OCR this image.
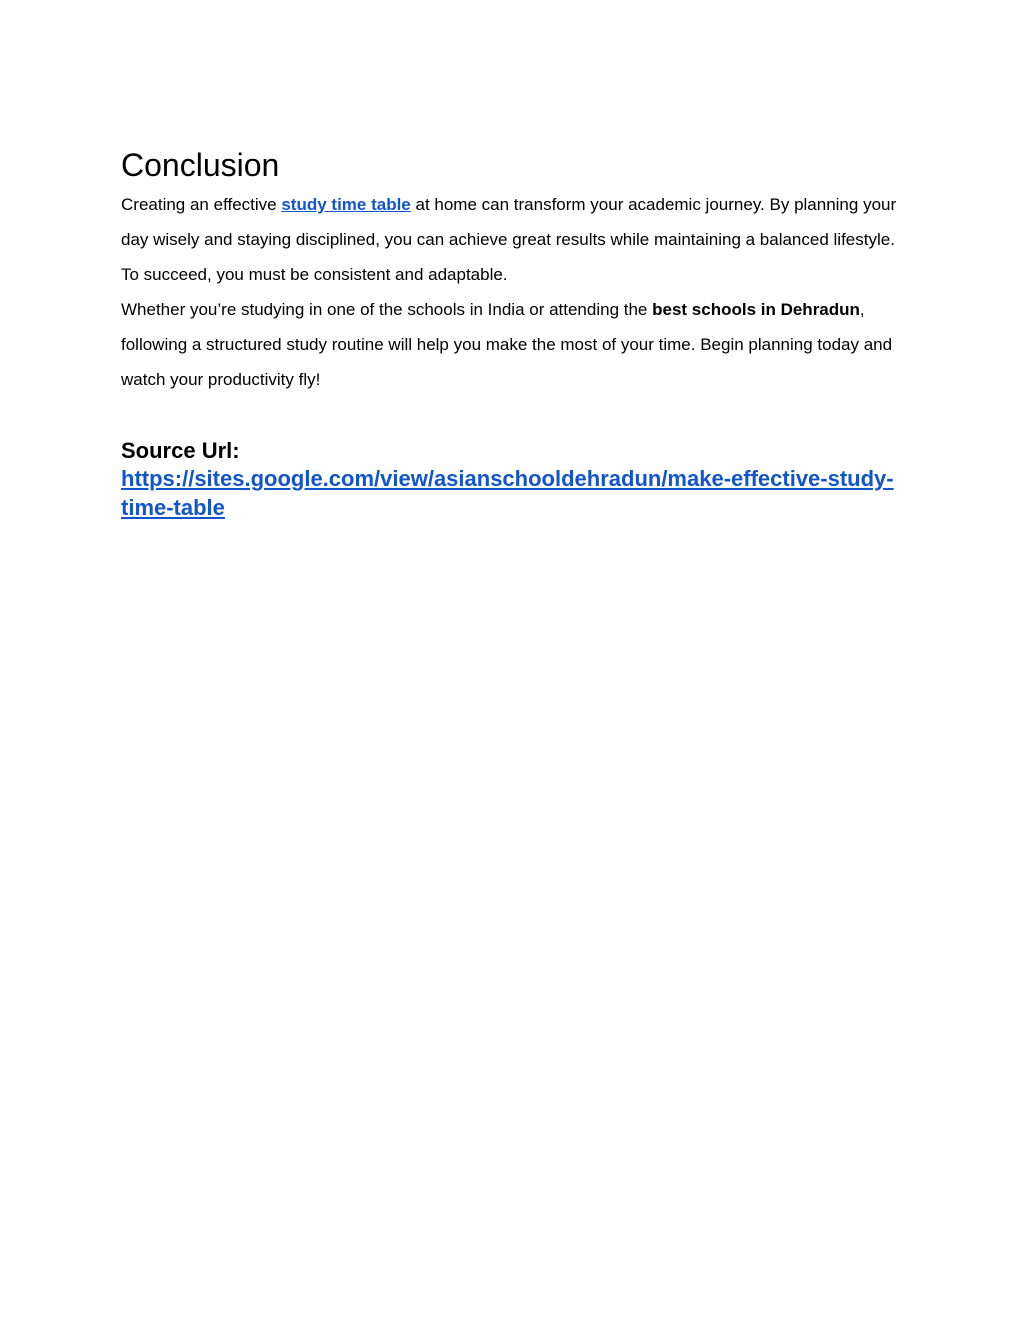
Conclusion

Creating an effective study time table at home can transform your academic journey. By planning your day wisely and staying disciplined, you can achieve great results while maintaining a balanced lifestyle. To succeed, you must be consistent and adaptable.

Whether you’re studying in one of the schools in India or attending the best schools in Dehradun, following a structured study routine will help you make the most of your time. Begin planning today and watch your productivity fly!

Source Url:
https://sites.google.com/view/asianschooldehradun/make-effective-study-time-table
